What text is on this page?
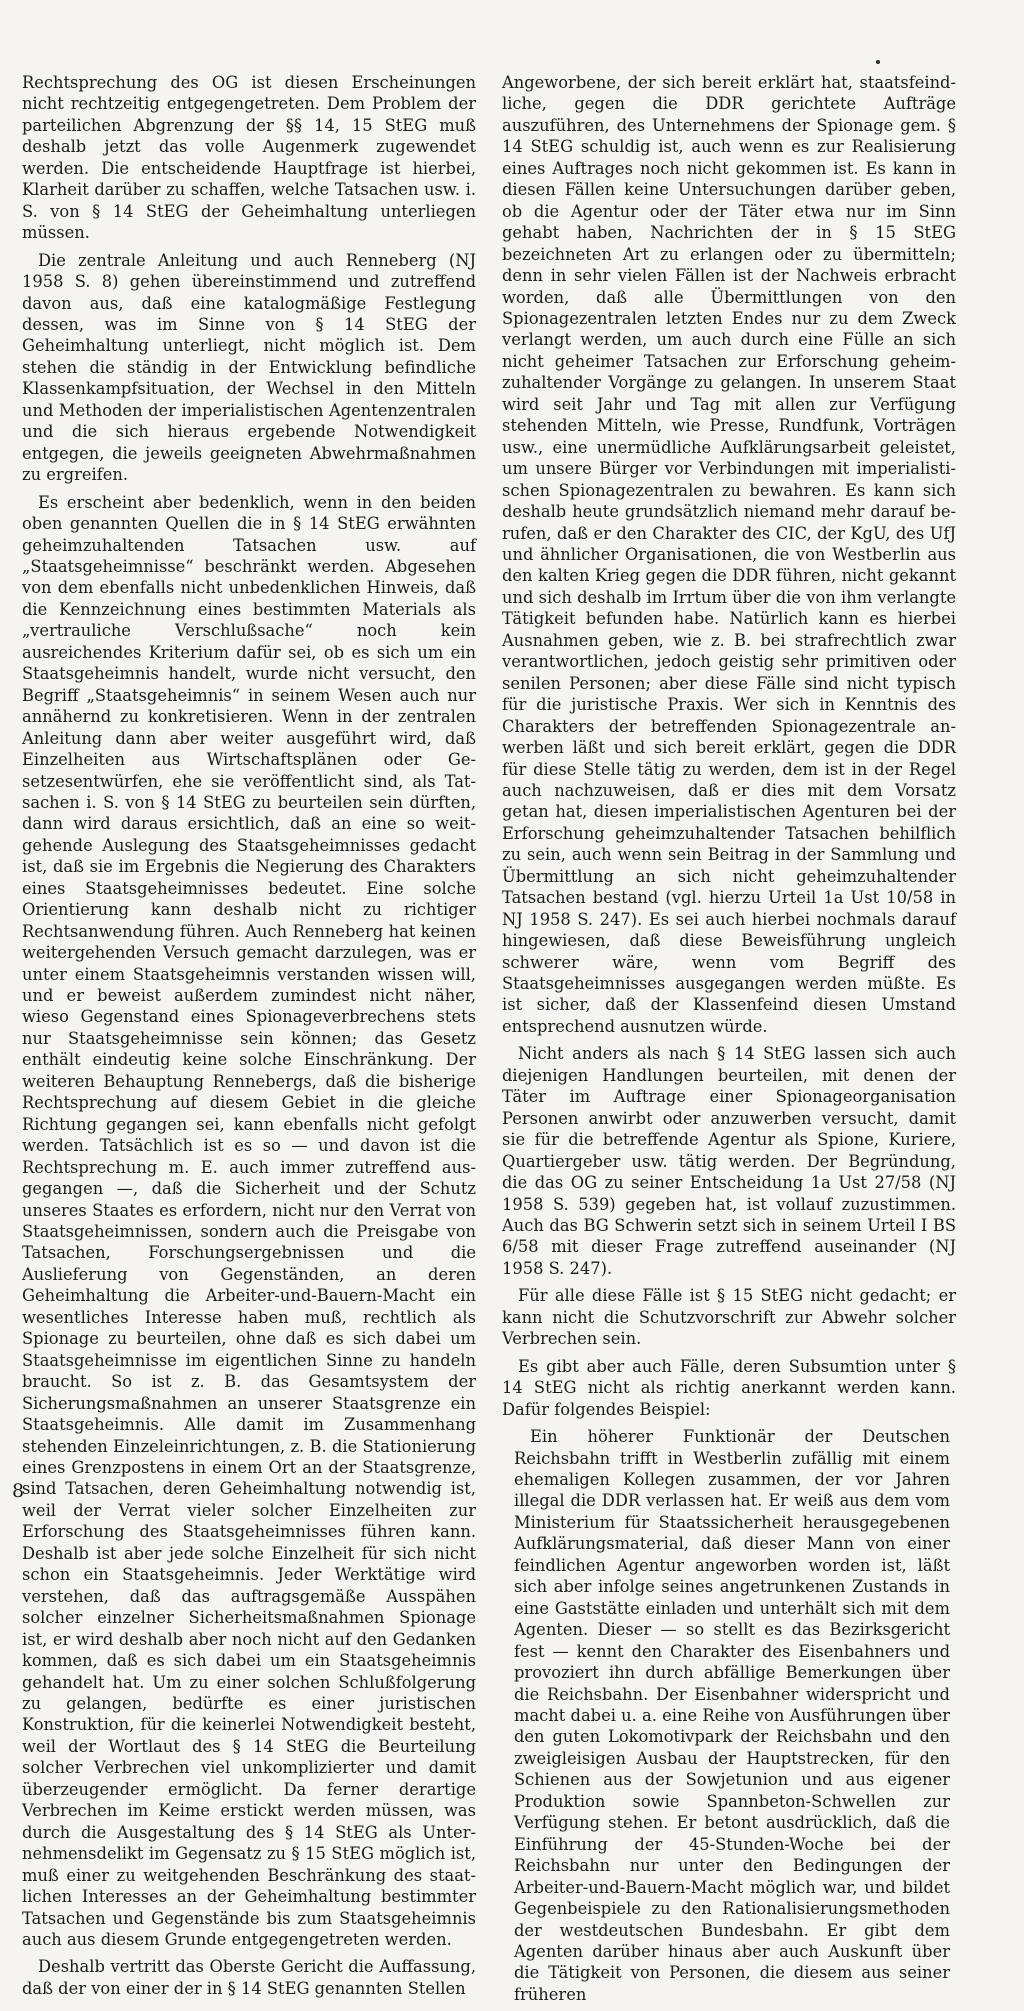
Rechtsprechung des OG ist diesen Erscheinungen nicht rechtzeitig entgegengetreten. Dem Problem der parteilichen Abgrenzung der §§ 14, 15 StEG muß deshalb jetzt das volle Augenmerk zugewendet werden. Die entscheidende Hauptfrage ist hierbei, Klarheit darüber zu schaffen, welche Tatsachen usw. i. S. von § 14 StEG der Geheimhaltung unterliegen müssen.

Die zentrale Anleitung und auch Renneberg (NJ 1958 S. 8) gehen übereinstimmend und zutreffend davon aus, daß eine katalogmäßige Festlegung dessen, was im Sinne von § 14 StEG der Geheimhaltung unterliegt, nicht möglich ist. Dem stehen die ständig in der Entwicklung befindliche Klassenkampfsituation, der Wechsel in den Mitteln und Methoden der imperialistischen Agentenzentralen und die sich hieraus ergebende Notwendigkeit entgegen, die jeweils geeigneten Abwehrmaßnahmen zu ergreifen.

Es erscheint aber bedenklich, wenn in den beiden oben genannten Quellen die in § 14 StEG erwähnten geheimzuhaltenden Tatsachen usw. auf „Staatsgeheimnisse“ beschränkt werden. Abgesehen von dem ebenfalls nicht unbedenklichen Hinweis, daß die Kennzeichnung eines bestimmten Materials als „vertrauliche Verschlußsache“ noch kein ausreichendes Kriterium dafür sei, ob es sich um ein Staatsgeheimnis handelt, wurde nicht versucht, den Begriff „Staatsgeheimnis“ in seinem Wesen auch nur annähernd zu konkretisieren. Wenn in der zentralen Anleitung dann aber weiter ausgeführt wird, daß Einzelheiten aus Wirtschaftsplänen oder Gesetzesentwürfen, ehe sie veröffentlicht sind, als Tatsachen i. S. von § 14 StEG zu beurteilen sein dürften, dann wird daraus ersichtlich, daß an eine so weitgehende Auslegung des Staatsgeheimnisses gedacht ist, daß sie im Ergebnis die Negierung des Charakters eines Staatsgeheimnisses bedeutet. Eine solche Orientierung kann deshalb nicht zu richtiger Rechtsanwendung führen. Auch Renneberg hat keinen weitergehenden Versuch gemacht darzulegen, was er unter einem Staatsgeheimnis verstanden wissen will, und er beweist außerdem zumindest nicht näher, wieso Gegenstand eines Spionageverbrechens stets nur Staatsgeheimnisse sein können; das Gesetz enthält eindeutig keine solche Einschränkung. Der weiteren Behauptung Rennebergs, daß die bisherige Rechtsprechung auf diesem Gebiet in die gleiche Richtung gegangen sei, kann ebenfalls nicht gefolgt werden. Tatsächlich ist es so — und davon ist die Rechtsprechung m. E. auch immer zutreffend ausgegangen —, daß die Sicherheit und der Schutz unseres Staates es erfordern, nicht nur den Verrat von Staatsgeheimnissen, sondern auch die Preisgabe von Tatsachen, Forschungsergebnissen und die Auslieferung von Gegenständen, an deren Geheimhaltung die Arbeiter-und-Bauern-Macht ein wesentliches Interesse haben muß, rechtlich als Spionage zu beurteilen, ohne daß es sich dabei um Staatsgeheimnisse im eigentlichen Sinne zu handeln braucht. So ist z. B. das Gesamtsystem der Sicherungsmaßnahmen an unserer Staatsgrenze ein Staatsgeheimnis. Alle damit im Zusammenhang stehenden Einzeleinrichtungen, z. B. die Stationierung eines Grenzpostens in einem Ort an der Staatsgrenze, sind Tatsachen, deren Geheimhaltung notwendig ist, weil der Verrat vieler solcher Einzelheiten zur Erforschung des Staatsgeheimnisses führen kann. Deshalb ist aber jede solche Einzelheit für sich nicht schon ein Staatsgeheimnis. Jeder Werktätige wird verstehen, daß das auftragsgemäße Ausspähen solcher einzelner Sicherheitsmaßnahmen Spionage ist, er wird deshalb aber noch nicht auf den Gedanken kommen, daß es sich dabei um ein Staatsgeheimnis gehandelt hat. Um zu einer solchen Schlußfolgerung zu gelangen, bedürfte es einer juristischen Konstruktion, für die keinerlei Notwendigkeit besteht, weil der Wortlaut des § 14 StEG die Beurteilung solcher Verbrechen viel unkomplizierter und damit überzeugender ermöglicht. Da ferner derartige Verbrechen im Keime erstickt werden müssen, was durch die Ausgestaltung des § 14 StEG als Unternehmensdelikt im Gegensatz zu § 15 StEG möglich ist, muß einer zu weitgehenden Beschränkung des staatlichen Interesses an der Geheimhaltung bestimmter Tatsachen und Gegenstände bis zum Staatsgeheimnis auch aus diesem Grunde entgegengetreten werden.

Deshalb vertritt das Oberste Gericht die Auffassung, daß der von einer der in § 14 StEG genannten Stellen

Angeworbene, der sich bereit erklärt hat, staatsfeindliche, gegen die DDR gerichtete Aufträge auszuführen, des Unternehmens der Spionage gem. § 14 StEG schuldig ist, auch wenn es zur Realisierung eines Auftrages noch nicht gekommen ist. Es kann in diesen Fällen keine Untersuchungen darüber geben, ob die Agentur oder der Täter etwa nur im Sinn gehabt haben, Nachrichten der in § 15 StEG bezeichneten Art zu erlangen oder zu übermitteln; denn in sehr vielen Fällen ist der Nachweis erbracht worden, daß alle Übermittlungen von den Spionagezentralen letzten Endes nur zu dem Zweck verlangt werden, um auch durch eine Fülle an sich nicht geheimer Tatsachen zur Erforschung geheimzuhaltender Vorgänge zu gelangen. In unserem Staat wird seit Jahr und Tag mit allen zur Verfügung stehenden Mitteln, wie Presse, Rundfunk, Vorträgen usw., eine unermüdliche Aufklärungsarbeit geleistet, um unsere Bürger vor Verbindungen mit imperialistischen Spionagezentralen zu bewahren. Es kann sich deshalb heute grundsätzlich niemand mehr darauf berufen, daß er den Charakter des CIC, der KgU, des UfJ und ähnlicher Organisationen, die von Westberlin aus den kalten Krieg gegen die DDR führen, nicht gekannt und sich deshalb im Irrtum über die von ihm verlangte Tätigkeit befunden habe. Natürlich kann es hierbei Ausnahmen geben, wie z. B. bei strafrechtlich zwar verantwortlichen, jedoch geistig sehr primitiven oder senilen Personen; aber diese Fälle sind nicht typisch für die juristische Praxis. Wer sich in Kenntnis des Charakters der betreffenden Spionagezentrale anwerben läßt und sich bereit erklärt, gegen die DDR für diese Stelle tätig zu werden, dem ist in der Regel auch nachzuweisen, daß er dies mit dem Vorsatz getan hat, diesen imperialistischen Agenturen bei der Erforschung geheimzuhaltender Tatsachen behilflich zu sein, auch wenn sein Beitrag in der Sammlung und Übermittlung an sich nicht geheimzuhaltender Tatsachen bestand (vgl. hierzu Urteil 1a Ust 10/58 in NJ 1958 S. 247). Es sei auch hierbei nochmals darauf hingewiesen, daß diese Beweisführung ungleich schwerer wäre, wenn vom Begriff des Staatsgeheimnisses ausgegangen werden müßte. Es ist sicher, daß der Klassenfeind diesen Umstand entsprechend ausnutzen würde.

Nicht anders als nach § 14 StEG lassen sich auch diejenigen Handlungen beurteilen, mit denen der Täter im Auftrage einer Spionageorganisation Personen anwirbt oder anzuwerben versucht, damit sie für die betreffende Agentur als Spione, Kuriere, Quartiergeber usw. tätig werden. Der Begründung, die das OG zu seiner Entscheidung 1a Ust 27/58 (NJ 1958 S. 539) gegeben hat, ist vollauf zuzustimmen. Auch das BG Schwerin setzt sich in seinem Urteil I BS 6/58 mit dieser Frage zutreffend auseinander (NJ 1958 S. 247).

Für alle diese Fälle ist § 15 StEG nicht gedacht; er kann nicht die Schutzvorschrift zur Abwehr solcher Verbrechen sein.

Es gibt aber auch Fälle, deren Subsumtion unter § 14 StEG nicht als richtig anerkannt werden kann. Dafür folgendes Beispiel:

Ein höherer Funktionär der Deutschen Reichsbahn trifft in Westberlin zufällig mit einem ehemaligen Kollegen zusammen, der vor Jahren illegal die DDR verlassen hat. Er weiß aus dem vom Ministerium für Staatssicherheit herausgegebenen Aufklärungsmaterial, daß dieser Mann von einer feindlichen Agentur angeworben worden ist, läßt sich aber infolge seines angetrunkenen Zustands in eine Gaststätte einladen und unterhält sich mit dem Agenten. Dieser — so stellt es das Bezirksgericht fest — kennt den Charakter des Eisenbahners und provoziert ihn durch abfällige Bemerkungen über die Reichsbahn. Der Eisenbahner widerspricht und macht dabei u. a. eine Reihe von Ausführungen über den guten Lokomotivpark der Reichsbahn und den zweigleisigen Ausbau der Hauptstrecken, für den Schienen aus der Sowjetunion und aus eigener Produktion sowie Spannbeton-Schwellen zur Verfügung stehen. Er betont ausdrücklich, daß die Einführung der 45-Stunden-Woche bei der Reichsbahn nur unter den Bedingungen der Arbeiter-und-Bauern-Macht möglich war, und bildet Gegenbeispiele zu den Rationalisierungsmethoden der westdeutschen Bundesbahn. Er gibt dem Agenten darüber hinaus aber auch Auskunft über die Tätigkeit von Personen, die diesem aus seiner früheren

8
